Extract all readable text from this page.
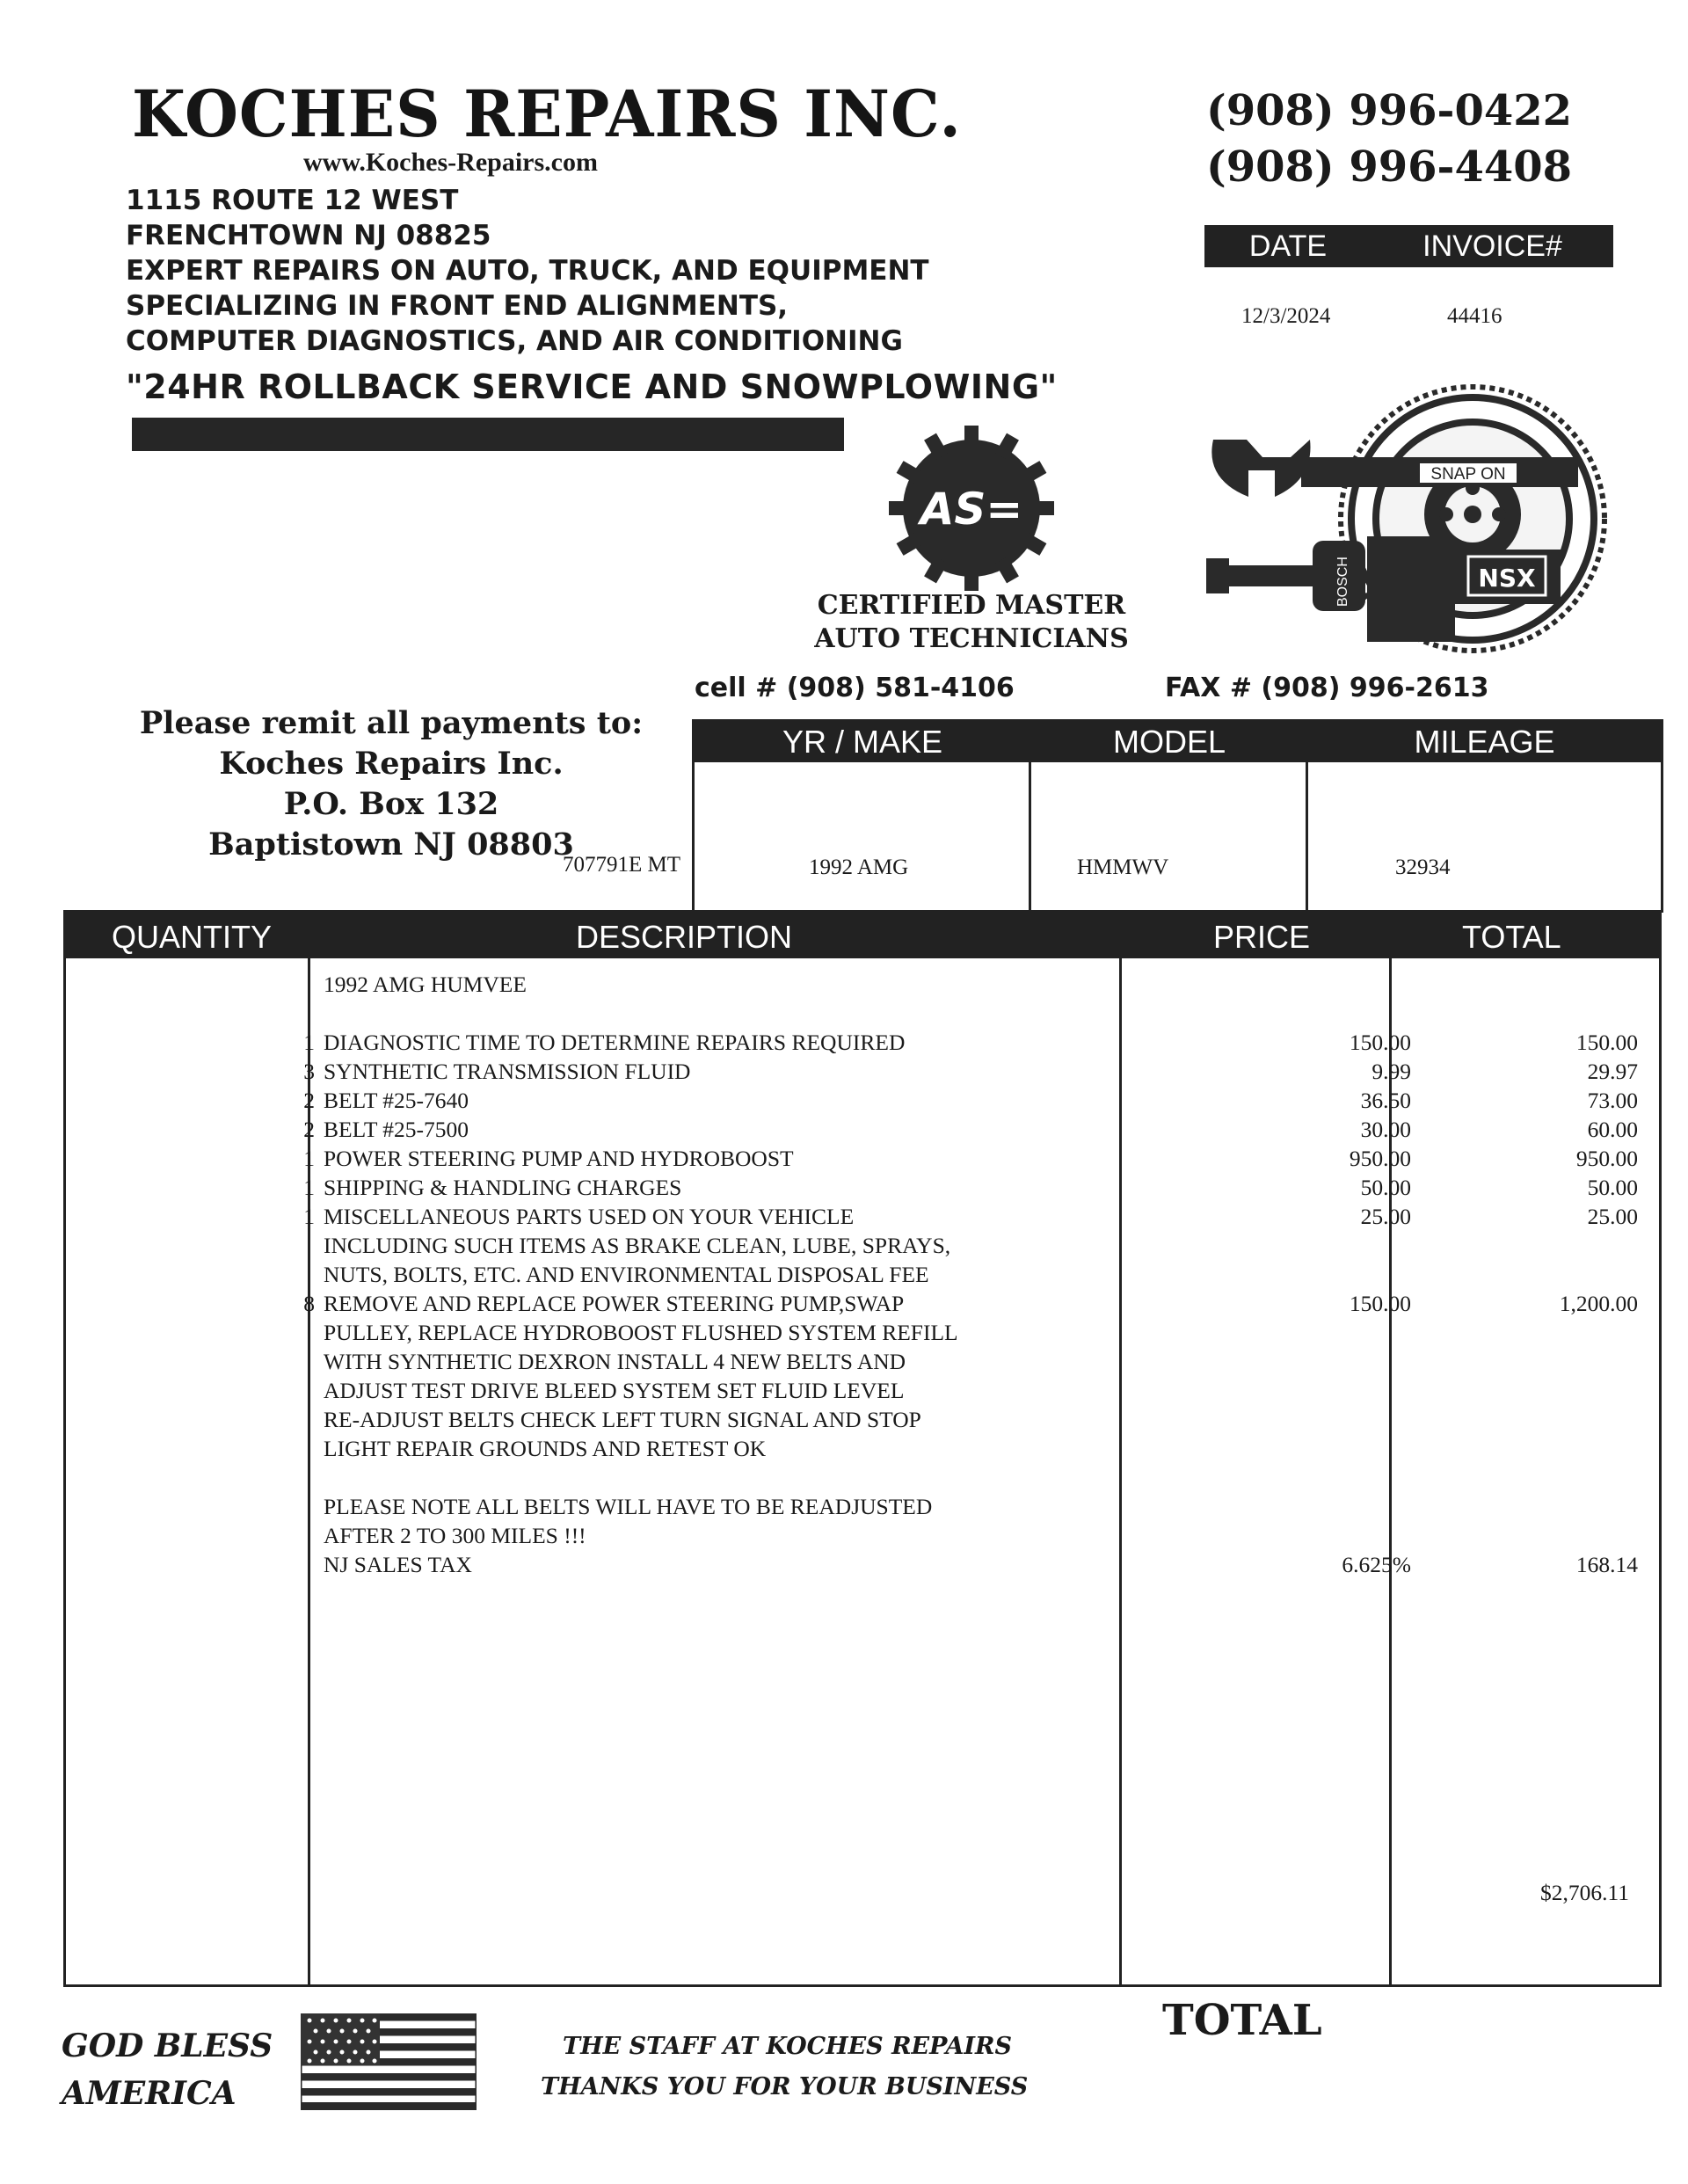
KOCHES REPAIRS INC.
www.Koches-Repairs.com
1115 ROUTE 12 WEST
FRENCHTOWN NJ 08825
EXPERT REPAIRS ON AUTO, TRUCK, AND EQUIPMENT
SPECIALIZING IN FRONT END ALIGNMENTS,
COMPUTER DIAGNOSTICS, AND AIR CONDITIONING
"24HR ROLLBACK SERVICE AND SNOWPLOWING"
(908) 996-0422
(908) 996-4408
DATE	INVOICE#
12/3/2024	44416
AS=
CERTIFIED MASTER
AUTO TECHNICIANS
SNAP ON
BOSCH	NSX
cell # (908) 581-4106	FAX # (908) 996-2613
Please remit all payments to:
Koches Repairs Inc.
P.O. Box 132
Baptistown NJ 08803
YR / MAKE	MODEL	MILEAGE
1992 AMG	HMMWV	32934
707791E MT
QUANTITY	DESCRIPTION	PRICE	TOTAL
1992 AMG HUMVEE
1 DIAGNOSTIC TIME TO DETERMINE REPAIRS REQUIRED	150.00	150.00
3 SYNTHETIC TRANSMISSION FLUID	9.99	29.97
2 BELT #25-7640	36.50	73.00
2 BELT #25-7500	30.00	60.00
1 POWER STEERING PUMP AND HYDROBOOST	950.00	950.00
1 SHIPPING & HANDLING CHARGES	50.00	50.00
1 MISCELLANEOUS PARTS USED ON YOUR VEHICLE	25.00	25.00
INCLUDING SUCH ITEMS AS BRAKE CLEAN, LUBE, SPRAYS,
NUTS, BOLTS, ETC. AND ENVIRONMENTAL DISPOSAL FEE
8 REMOVE AND REPLACE POWER STEERING PUMP,SWAP	150.00	1,200.00
PULLEY, REPLACE HYDROBOOST FLUSHED SYSTEM REFILL
WITH SYNTHETIC DEXRON INSTALL 4 NEW BELTS AND
ADJUST TEST DRIVE BLEED SYSTEM SET FLUID LEVEL
RE-ADJUST BELTS CHECK LEFT TURN SIGNAL AND STOP
LIGHT REPAIR GROUNDS AND RETEST OK
PLEASE NOTE ALL BELTS WILL HAVE TO BE READJUSTED
AFTER 2 TO 300 MILES !!!
NJ SALES TAX	6.625%	168.14
$2,706.11
GOD BLESS
AMERICA
THE STAFF AT KOCHES REPAIRS
THANKS YOU FOR YOUR BUSINESS
TOTAL
